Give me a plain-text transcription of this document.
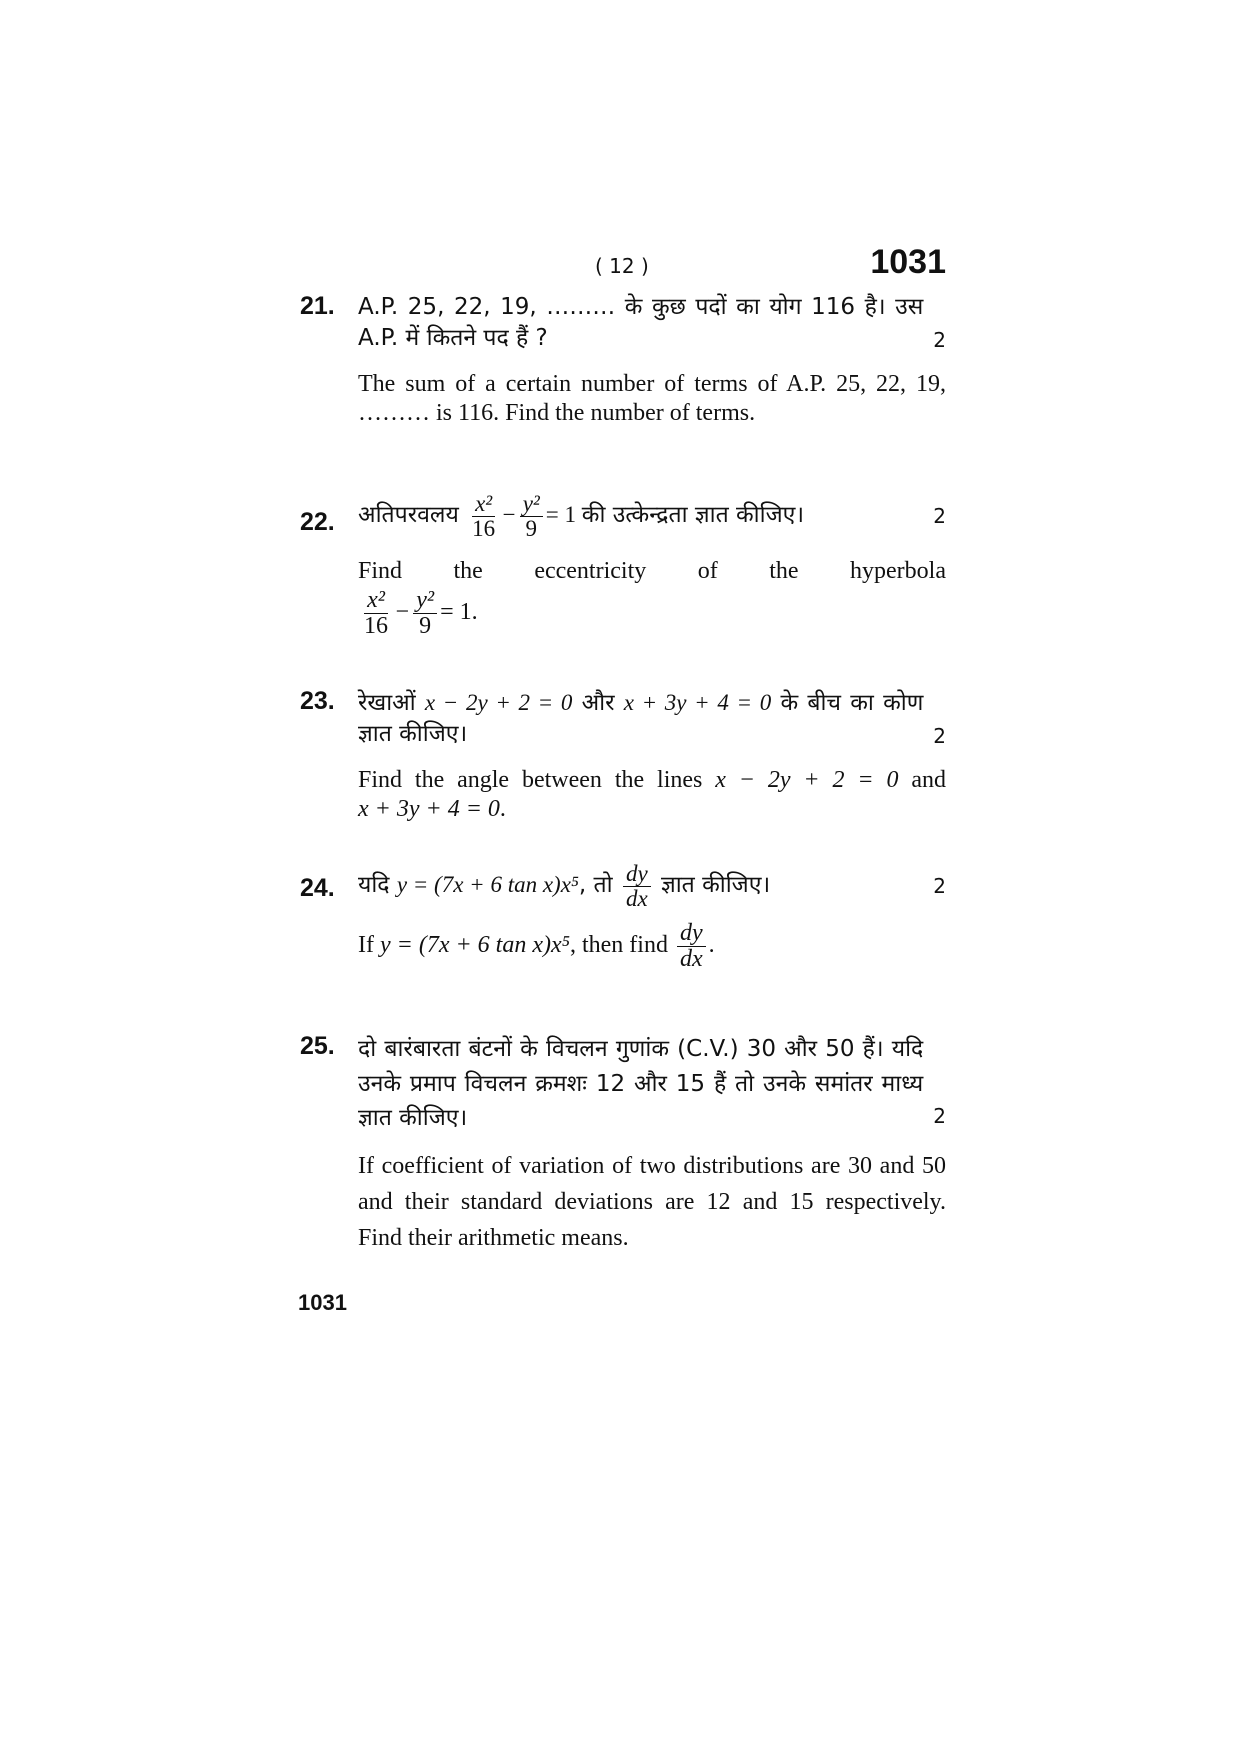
( 12 )	1031
21. A.P. 25, 22, 19, ……… के कुछ पदों का योग 116 है। उस A.P. में कितने पद हैं ?	2
The sum of a certain number of terms of A.P. 25, 22, 19, ……… is 116. Find the number of terms.
22. अतिपरवलय $\frac{\text{x²}}{16} - \frac{\text{y²}}{9} = 1$ की उत्केन्द्रता ज्ञात कीजिए।	2
Find the eccentricity of the hyperbola
$\frac{\text{x²}}{16} - \frac{\text{y²}}{9} = 1$.
23. रेखाओं x − 2y + 2 = 0 और x + 3y + 4 = 0 के बीच का कोण ज्ञात कीजिए।	2
Find the angle between the lines x − 2y + 2 = 0 and x + 3y + 4 = 0.
24. यदि y = (7x + 6 tan x)x⁵, तो $\frac{dy}{dx}$ ज्ञात कीजिए।	2
If y = (7x + 6 tan x)x⁵, then find $\frac{dy}{dx}$ .
25. दो बारंबारता बंटनों के विचलन गुणांक (C.V.) 30 और 50 हैं। यदि उनके प्रमाप विचलन क्रमशः 12 और 15 हैं तो उनके समांतर माध्य ज्ञात कीजिए।	2
If coefficient of variation of two distributions are 30 and 50 and their standard deviations are 12 and 15 respectively. Find their arithmetic means.
1031
